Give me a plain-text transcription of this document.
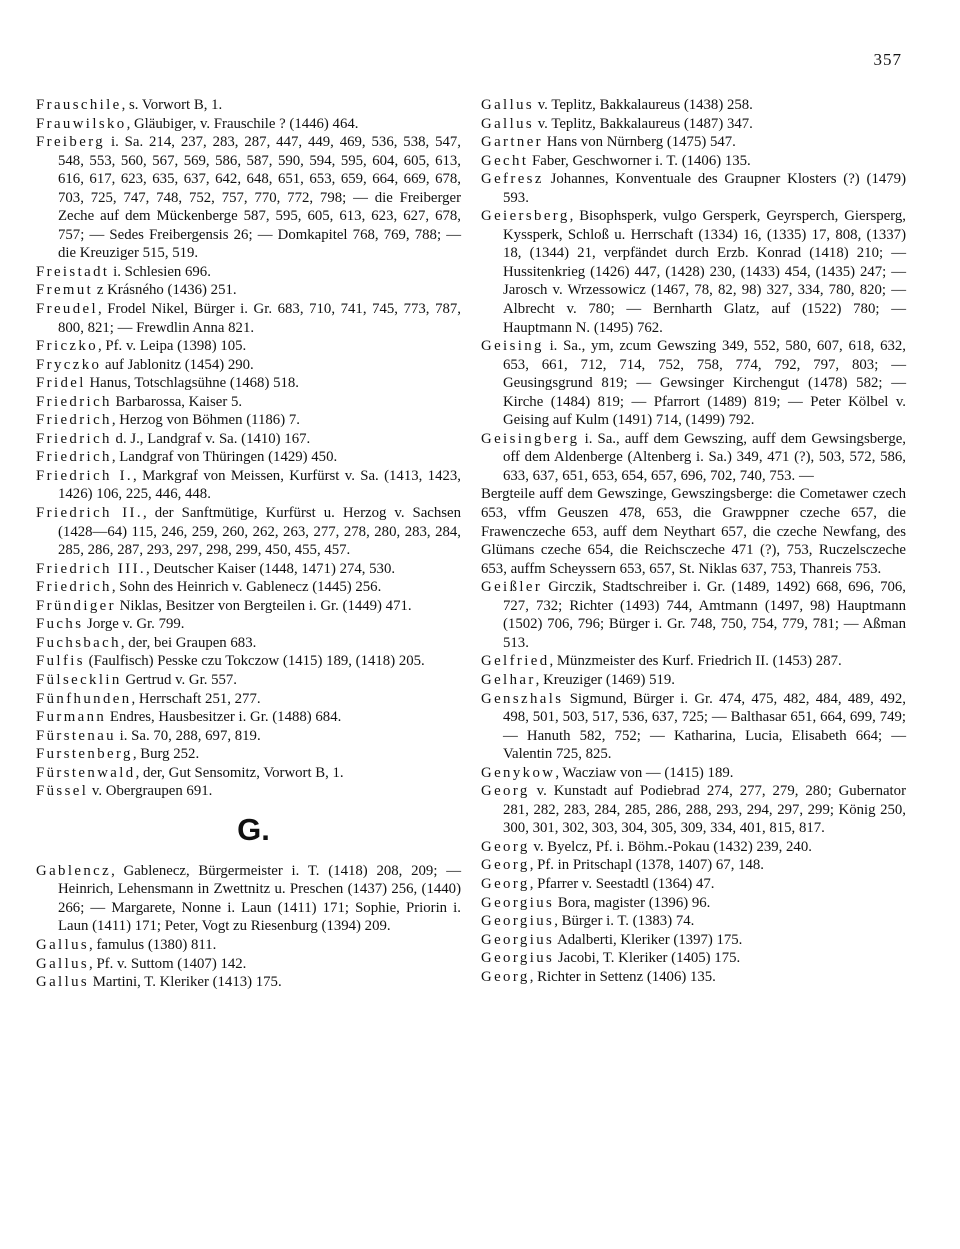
357

Frauschile, s. Vorwort B, 1.

Frauwilsko, Gläubiger, v. Frauschile ? (1446) 464.

Freiberg i. Sa. 214, 237, 283, 287, 447, 449, 469, 536, 538, 547, 548, 553, 560, 567, 569, 586, 587, 590, 594, 595, 604, 605, 613, 616, 617, 623, 635, 637, 642, 648, 651, 653, 659, 664, 669, 678, 703, 725, 747, 748, 752, 757, 770, 772, 798; — die Freiberger Zeche auf dem Mückenberge 587, 595, 605, 613, 623, 627, 678, 757; — Sedes Freibergensis 26; — Domkapitel 768, 769, 788; — die Kreuziger 515, 519.

Freistadt i. Schlesien 696.

Fremut z Krásného (1436) 251.

Freudel, Frodel Nikel, Bürger i. Gr. 683, 710, 741, 745, 773, 787, 800, 821; — Frewdlin Anna 821.

Friczko, Pf. v. Leipa (1398) 105.

Fryczko auf Jablonitz (1454) 290.

Fridel Hanus, Totschlagsühne (1468) 518.

Friedrich Barbarossa, Kaiser 5.

Friedrich, Herzog von Böhmen (1186) 7.

Friedrich d. J., Landgraf v. Sa. (1410) 167.

Friedrich, Landgraf von Thüringen (1429) 450.

Friedrich I., Markgraf von Meissen, Kurfürst v. Sa. (1413, 1423, 1426) 106, 225, 446, 448.

Friedrich II., der Sanftmütige, Kurfürst u. Herzog v. Sachsen (1428—64) 115, 246, 259, 260, 262, 263, 277, 278, 280, 283, 284, 285, 286, 287, 293, 297, 298, 299, 450, 455, 457.

Friedrich III., Deutscher Kaiser (1448, 1471) 274, 530.

Friedrich, Sohn des Heinrich v. Gablenecz (1445) 256.

Fründiger Niklas, Besitzer von Bergteilen i. Gr. (1449) 471.

Fuchs Jorge v. Gr. 799.

Fuchsbach, der, bei Graupen 683.

Fulfis (Faulfisch) Pesske czu Tokczow (1415) 189, (1418) 205.

Fülsecklin Gertrud v. Gr. 557.

Fünfhunden, Herrschaft 251, 277.

Furmann Endres, Hausbesitzer i. Gr. (1488) 684.

Fürstenau i. Sa. 70, 288, 697, 819.

Furstenberg, Burg 252.

Fürstenwald, der, Gut Sensomitz, Vorwort B, 1.

Füssel v. Obergraupen 691.

G.

Gablencz, Gablenecz, Bürgermeister i. T. (1418) 208, 209; — Heinrich, Lehensmann in Zwettnitz u. Preschen (1437) 256, (1440) 266; — Margarete, Nonne i. Laun (1411) 171; Sophie, Priorin i. Laun (1411) 171; Peter, Vogt zu Riesenburg (1394) 209.

Gallus, famulus (1380) 811.

Gallus, Pf. v. Suttom (1407) 142.

Gallus Martini, T. Kleriker (1413) 175.

Gallus v. Teplitz, Bakkalaureus (1438) 258.

Gallus v. Teplitz, Bakkalaureus (1487) 347.

Gartner Hans von Nürnberg (1475) 547.

Gecht Faber, Geschworner i. T. (1406) 135.

Gefresz Johannes, Konventuale des Graupner Klosters (?) (1479) 593.

Geiersberg, Bisophsperk, vulgo Gersperk, Geyrsperch, Giersperg, Kyssperk, Schloß u. Herrschaft (1334) 16, (1335) 17, 808, (1337) 18, (1344) 21, verpfändet durch Erzb. Konrad (1418) 210; — Hussitenkrieg (1426) 447, (1428) 230, (1433) 454, (1435) 247; — Jarosch v. Wrzessowicz (1467, 78, 82, 98) 327, 334, 780, 820; — Albrecht v. 780; — Bernharth Glatz, auf (1522) 780; — Hauptmann N. (1495) 762.

Geising i. Sa., ym, zcum Gewszing 349, 552, 580, 607, 618, 632, 653, 661, 712, 714, 752, 758, 774, 792, 797, 803; — Geusingsgrund 819; — Gewsinger Kirchengut (1478) 582; — Kirche (1484) 819; — Pfarrort (1489) 819; — Peter Kölbel v. Geising auf Kulm (1491) 714, (1499) 792.

Geisingberg i. Sa., auff dem Gewszing, auff dem Gewsingsberge, off dem Aldenberge (Altenberg i. Sa.) 349, 471 (?), 503, 572, 586, 633, 637, 651, 653, 654, 657, 696, 702, 740, 753. —

Bergteile auff dem Gewszinge, Gewszingsberge: die Cometawer czech 653, vffm Geuszen 478, 653, die Grawppner czeche 657, die Frawenczeche 653, auff dem Neythart 657, die czeche Newfang, des Glümans czeche 654, die Reichsczeche 471 (?), 753, Ruczelsczeche 653, auffm Scheyssern 653, 657, St. Niklas 637, 753, Thanreis 753.

Geißler Girczik, Stadtschreiber i. Gr. (1489, 1492) 668, 696, 706, 727, 732; Richter (1493) 744, Amtmann (1497, 98) Hauptmann (1502) 706, 796; Bürger i. Gr. 748, 750, 754, 779, 781; — Aßman 513.

Gelfried, Münzmeister des Kurf. Friedrich II. (1453) 287.

Gelhar, Kreuziger (1469) 519.

Genszhals Sigmund, Bürger i. Gr. 474, 475, 482, 484, 489, 492, 498, 501, 503, 517, 536, 637, 725; — Balthasar 651, 664, 699, 749; — Hanuth 582, 752; — Katharina, Lucia, Elisabeth 664; — Valentin 725, 825.

Genykow, Wacziaw von — (1415) 189.

Georg v. Kunstadt auf Podiebrad 274, 277, 279, 280; Gubernator 281, 282, 283, 284, 285, 286, 288, 293, 294, 297, 299; König 250, 300, 301, 302, 303, 304, 305, 309, 334, 401, 815, 817.

Georg v. Byelcz, Pf. i. Böhm.-Pokau (1432) 239, 240.

Georg, Pf. in Pritschapl (1378, 1407) 67, 148.

Georg, Pfarrer v. Seestadtl (1364) 47.

Georgius Bora, magister (1396) 96.

Georgius, Bürger i. T. (1383) 74.

Georgius Adalberti, Kleriker (1397) 175.

Georgius Jacobi, T. Kleriker (1405) 175.

Georg, Richter in Settenz (1406) 135.
